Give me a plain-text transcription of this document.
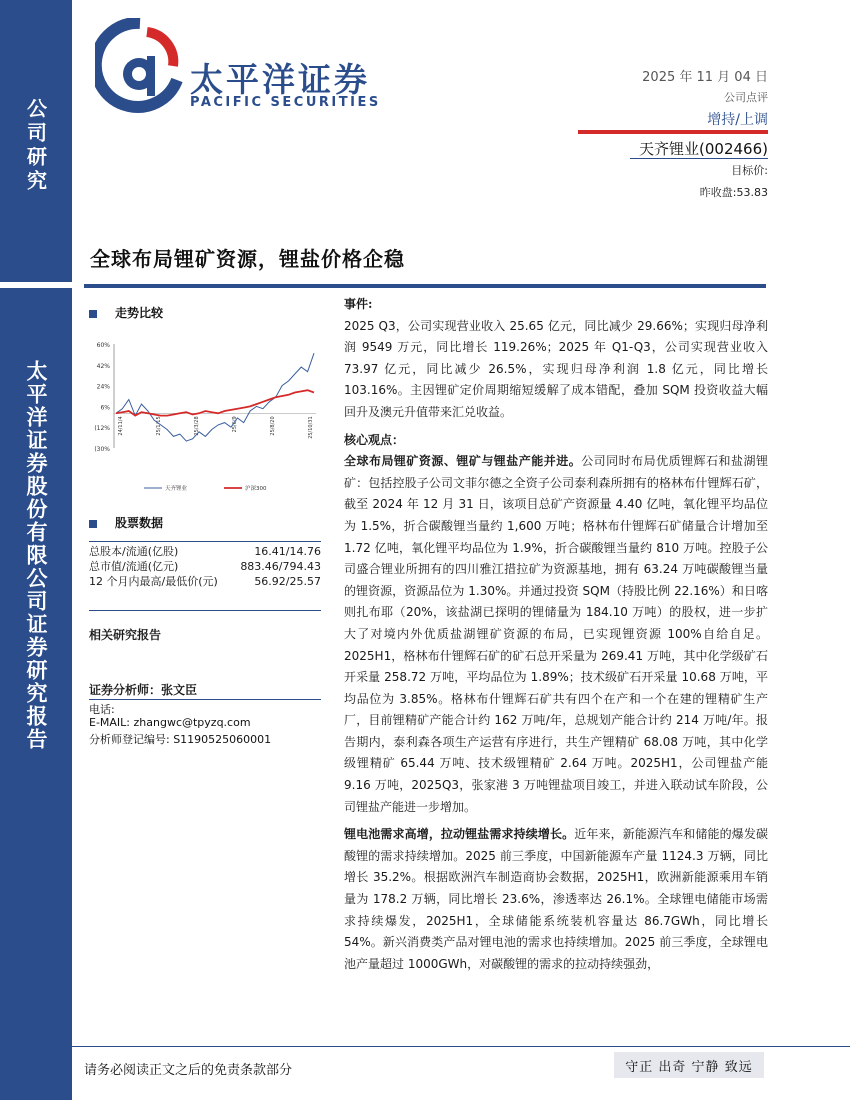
公司研究
太平洋证券股份有限公司证券研究报告
太平洋证券
PACIFIC SECURITIES
2025 年 11 月 04 日
公司点评
增持/上调
天齐锂业(002466)
目标价:
昨收盘:53.83
全球布局锂矿资源，锂盐价格企稳
走势比较
60%
42%
24%
6%
(12%
(30%
24/11/4	25/1/15	25/3/28	25/6/9	25/8/20	25/10/31
天齐锂业	沪深300
股票数据
总股本/流通(亿股)	16.41/14.76
总市值/流通(亿元)	883.46/794.43
12 个月内最高/最低价(元)	56.92/25.57
相关研究报告
证券分析师：张文臣
电话:
E-MAIL: zhangwc@tpyzq.com
分析师登记编号: S1190525060001

事件:

2025 Q3，公司实现营业收入 25.65 亿元，同比减少 29.66%；实现归母净利润 9549 万元，同比增长 119.26%；2025 年 Q1-Q3，公司实现营业收入 73.97 亿元，同比减少 26.5%，实现归母净利润 1.8 亿元，同比增长 103.16%。主因锂矿定价周期缩短缓解了成本错配，叠加 SQM 投资收益大幅回升及澳元升值带来汇兑收益。

核心观点：

全球布局锂矿资源、锂矿与锂盐产能并进。公司同时布局优质锂辉石和盐湖锂矿：包括控股子公司文菲尔德之全资子公司泰利森所拥有的格林布什锂辉石矿，截至 2024 年 12 月 31 日，该项目总矿产资源量 4.40 亿吨，氧化锂平均品位为 1.5%，折合碳酸锂当量约 1,600 万吨；格林布什锂辉石矿储量合计增加至 1.72 亿吨，氧化锂平均品位为 1.9%，折合碳酸锂当量约 810 万吨。控股子公司盛合锂业所拥有的四川雅江措拉矿为资源基地，拥有 63.24 万吨碳酸锂当量的锂资源，资源品位为 1.30%。并通过投资 SQM（持股比例 22.16%）和日喀则扎布耶（20%，该盐湖已探明的锂储量为 184.10 万吨）的股权，进一步扩大了对境内外优质盐湖锂矿资源的布局，已实现锂资源 100%自给自足。2025H1，格林布什锂辉石矿的矿石总开采量为 269.41 万吨，其中化学级矿石开采量 258.72 万吨，平均品位为 1.89%；技术级矿石开采量 10.68 万吨，平均品位为 3.85%。格林布什锂辉石矿共有四个在产和一个在建的锂精矿生产厂，目前锂精矿产能合计约 162 万吨/年，总规划产能合计约 214 万吨/年。报告期内，泰利森各项生产运营有序进行，共生产锂精矿 68.08 万吨，其中化学级锂精矿 65.44 万吨、技术级锂精矿 2.64 万吨。2025H1，公司锂盐产能 9.16 万吨，2025Q3，张家港 3 万吨锂盐项目竣工，并进入联动试车阶段，公司锂盐产能进一步增加。

锂电池需求高增，拉动锂盐需求持续增长。近年来，新能源汽车和储能的爆发碳酸锂的需求持续增加。2025 前三季度，中国新能源车产量 1124.3 万辆，同比增长 35.2%。根据欧洲汽车制造商协会数据，2025H1，欧洲新能源乘用车销量为 178.2 万辆，同比增长 23.6%，渗透率达 26.1%。全球锂电储能市场需求持续爆发，2025H1，全球储能系统装机容量达 86.7GWh，同比增长 54%。新兴消费类产品对锂电池的需求也持续增加。2025 前三季度，全球锂电池产量超过 1000GWh，对碳酸锂的需求的拉动持续强劲，

请务必阅读正文之后的免责条款部分	守正 出奇 宁静 致远
